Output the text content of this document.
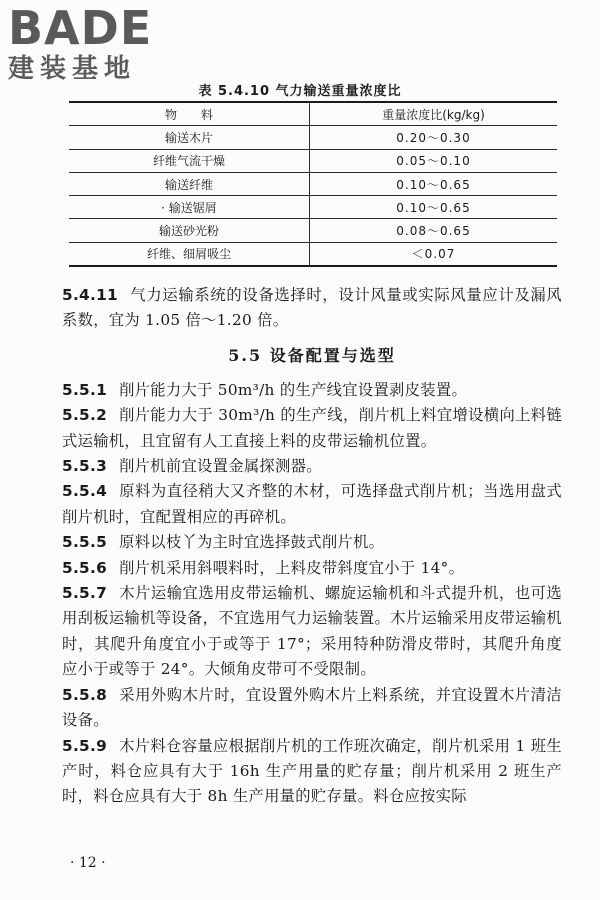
BADE
建装基地
表 5.4.10 气力输送重量浓度比
物　　料	重量浓度比(kg/kg)
输送木片	0.20～0.30
纤维气流干燥	0.05～0.10
输送纤维	0.10～0.65
· 输送锯屑	0.10～0.65
输送砂光粉	0.08～0.65
纤维、细屑吸尘	＜0.07

5.4.11 气力运输系统的设备选择时，设计风量或实际风量应计及漏风系数，宜为 1.05 倍～1.20 倍。

5.5 设备配置与选型

5.5.1 削片能力大于 50m³/h 的生产线宜设置剥皮装置。

5.5.2 削片能力大于 30m³/h 的生产线，削片机上料宜增设横向上料链式运输机，且宜留有人工直接上料的皮带运输机位置。

5.5.3 削片机前宜设置金属探测器。

5.5.4 原料为直径稍大又齐整的木材，可选择盘式削片机；当选用盘式削片机时，宜配置相应的再碎机。

5.5.5 原料以枝丫为主时宜选择鼓式削片机。

5.5.6 削片机采用斜喂料时，上料皮带斜度宜小于 14°。

5.5.7 木片运输宜选用皮带运输机、螺旋运输机和斗式提升机，也可选用刮板运输机等设备，不宜选用气力运输装置。木片运输采用皮带运输机时，其爬升角度宜小于或等于 17°；采用特种防滑皮带时，其爬升角度应小于或等于 24°。大倾角皮带可不受限制。

5.5.8 采用外购木片时，宜设置外购木片上料系统，并宜设置木片清洁设备。

5.5.9 木片料仓容量应根据削片机的工作班次确定，削片机采用 1 班生产时，料仓应具有大于 16h 生产用量的贮存量；削片机采用 2 班生产时，料仓应具有大于 8h 生产用量的贮存量。料仓应按实际

· 12 ·
